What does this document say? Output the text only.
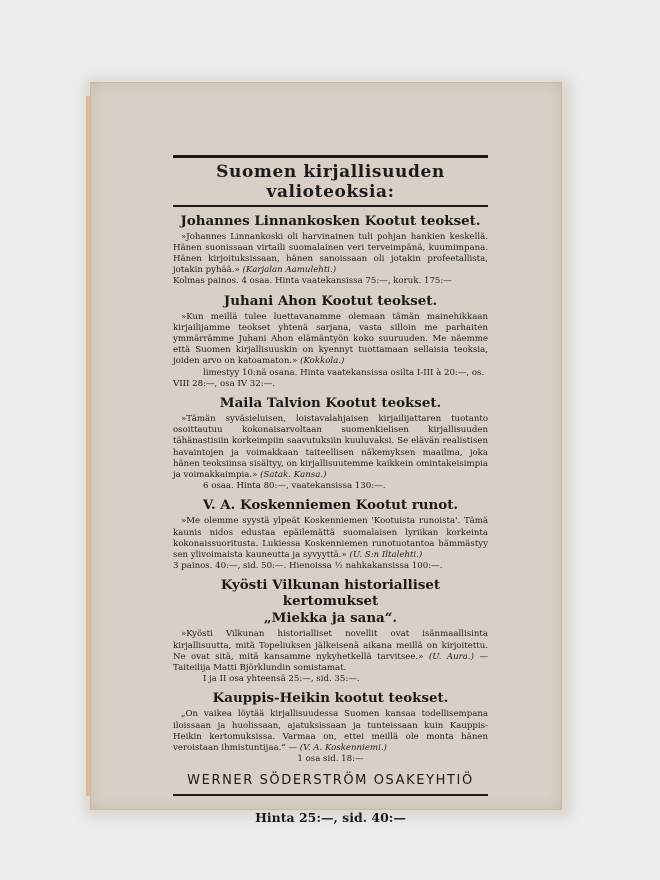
Suomen kirjallisuuden valioteoksia:
Johannes Linnankosken Kootut teokset.

»Johannes Linnankoski oli harvinainen tuli pohjan hankien keskellä. Hänen suonissaan virtaili suomalainen veri terveimpänä, kuumimpana. Hänen kirjoituksissaan, hänen sanoissaan oli jotakin profeetallista, jotakin pyhää.» (Karjalan Aamulehti.)

Kolmas painos. 4 osaa. Hinta vaatekansissa 75:—, koruk. 175:—

Juhani Ahon Kootut teokset.

»Kun meillä tulee luettavanamme olemaan tämän mainehikkaan kirjailijamme teokset yhtenä sarjana, vasta silloin me parhaiten ymmärrämme Juhani Ahon elämäntyön koko suuruuden. Me näemme että Suomen kirjallisuuskin on kyennyt tuottamaan sellaisia teoksia, joiden arvo on katoamaton.» (Kokkola.)

limestyy 10:nä osana. Hinta vaatekansissa osilta I-III à 20:—, os. VIII 28:—, osa IV 32:—.

Maila Talvion Kootut teokset.

»Tämän syväsieluisen, loistavalahjaisen kirjailijattaren tuotanto osoittautuu kokonaisarvoltaan suomenkielisen kirjallisuuden tähänastisiin korkeimpiin saavutuksiin kuuluvaksi. Se elävän realistisen havaintojen ja voimakkaan taiteellisen näkemyksen maailma, joka hänen teoksiinsa sisältyy, on kirjallisuutemme kaikkein omintakeisimpia ja voimakkaimpia.» (Satak. Kansa.)

6 osaa. Hinta 80:—, vaatekansissa 130:—.

V. A. Koskenniemen Kootut runot.

»Me olemme syystä ylpeät Koskenniemen 'Kootuista runoista'. Tämä kaunis nidos edustaa epäilemättä suomalaisen lyriikan korkeinta kokonaissuoritusta. Lukiessa Koskenniemen runotuotantoa hämmästyy sen ylivoimaista kauneutta ja syvyyttä.» (U. S:n Iltalehti.)

3 painos. 40:—, sid. 50:—. Hienoissa ½ nahkakansissa 100:—.

Kyösti Vilkunan historialliset kertomukset
„Miekka ja sana“.

»Kyösti Vilkunan historialliset novellit ovat isänmaallisinta kirjallisuutta, mitä Topeliuksen jälkeisenä aikana meillä on kirjoitettu. Ne ovat sitä, mitä kansamme nykyhetkellä tarvitsee.» (U. Aura.) — Taiteilija Matti Björklundin somistamat.

I ja II osa yhteensä 25:—, sid. 35:—.

Kauppis-Heikin kootut teokset.

„On vaikea löytää kirjallisuudessa Suomen kansaa todellisempana iloissaan ja huolissaan, ajatuksissaan ja tunteissaan kuin Kauppis-Heikin kertomuksissa. Varmaa on, ettei meillä ole monta hänen veroistaan ihmistuntijaa.“ — (V. A. Koskenniemi.)

1 osa sid. 18:—

WERNER SÖDERSTRÖM OSAKEYHTIÖ
Hinta 25:—, sid. 40:—
